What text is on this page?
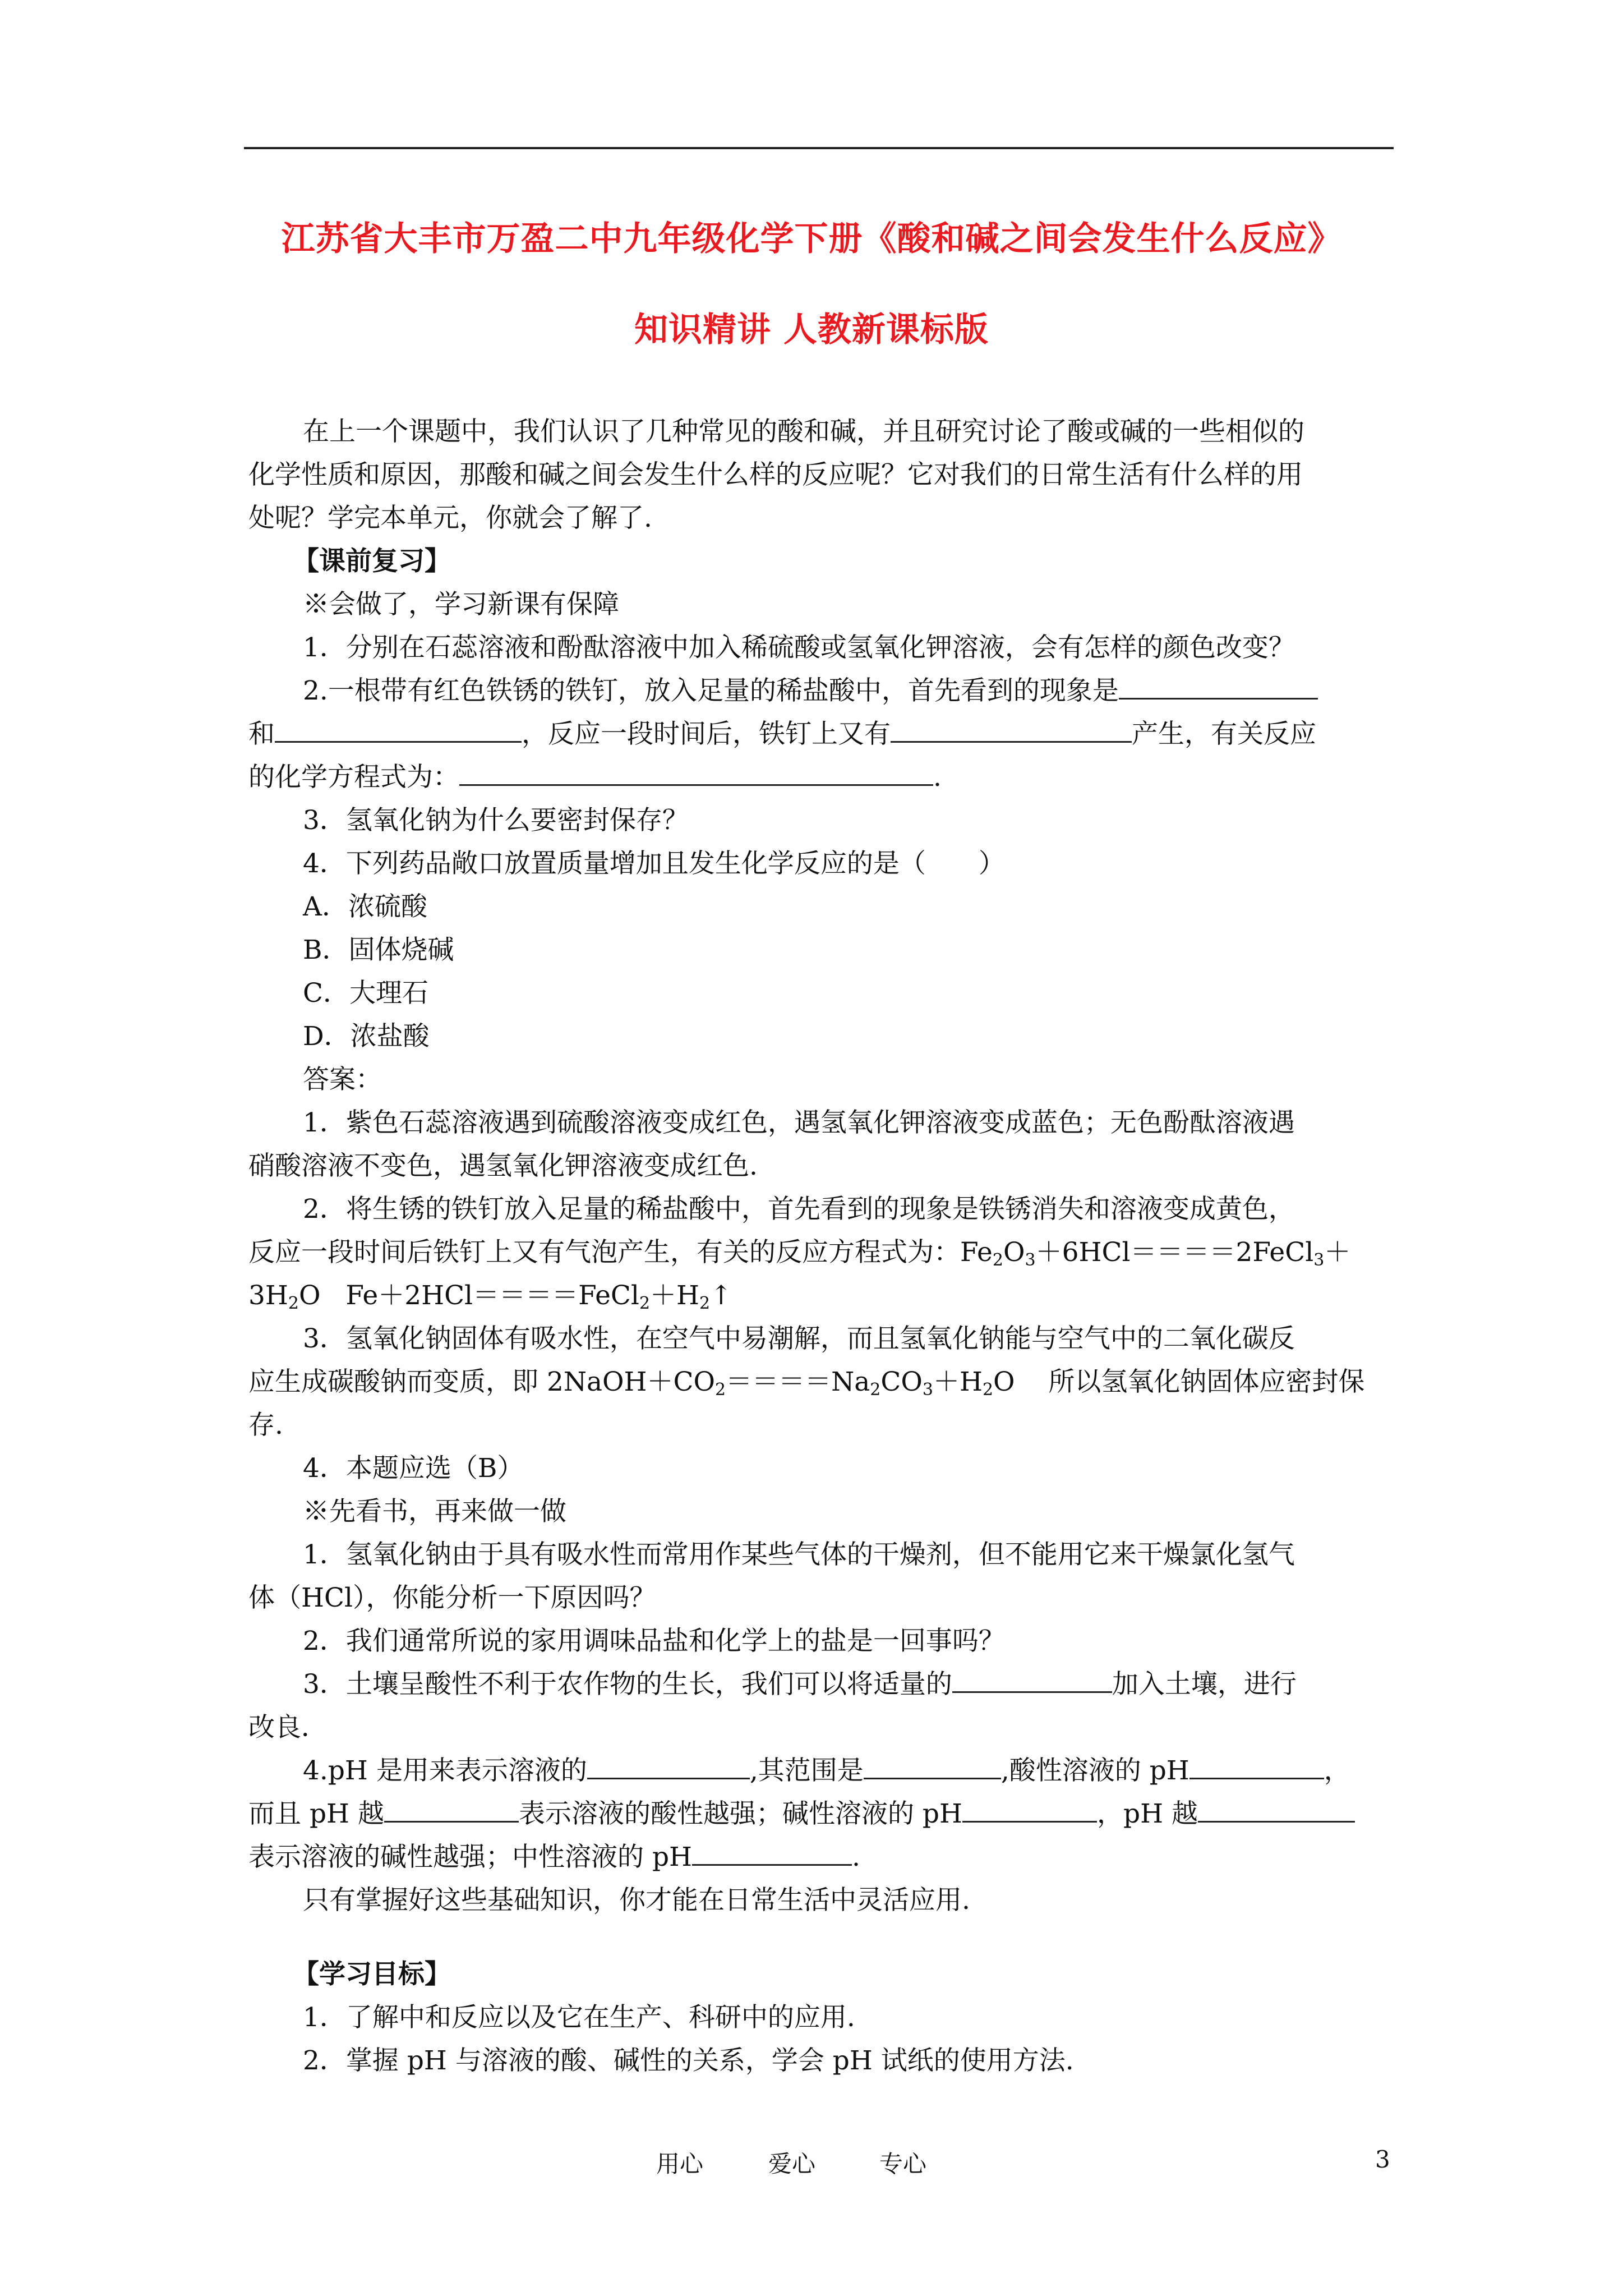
江苏省大丰市万盈二中九年级化学下册《酸和碱之间会发生什么反应》
知识精讲 人教新课标版
在上一个课题中，我们认识了几种常见的酸和碱，并且研究讨论了酸或碱的一些相似的
化学性质和原因，那酸和碱之间会发生什么样的反应呢？它对我们的日常生活有什么样的用
处呢？学完本单元，你就会了解了.
【课前复习】
※会做了，学习新课有保障
1．分别在石蕊溶液和酚酞溶液中加入稀硫酸或氢氧化钾溶液，会有怎样的颜色改变？
2.一根带有红色铁锈的铁钉，放入足量的稀盐酸中，首先看到的现象是
和	，反应一段时间后，铁钉上又有	产生，有关反应
的化学方程式为：	.
3．氢氧化钠为什么要密封保存？
4．下列药品敞口放置质量增加且发生化学反应的是（　　）
A．浓硫酸
B．固体烧碱
C．大理石
D．浓盐酸
答案：
1．紫色石蕊溶液遇到硫酸溶液变成红色，遇氢氧化钾溶液变成蓝色；无色酚酞溶液遇
硝酸溶液不变色，遇氢氧化钾溶液变成红色.
2．将生锈的铁钉放入足量的稀盐酸中，首先看到的现象是铁锈消失和溶液变成黄色，
反应一段时间后铁钉上又有气泡产生，有关的反应方程式为：$Fe_2O_3+6HCl====2FeCl_3+$
$3H_2O$   $Fe+2HCl====FeCl_2+H_2↑$
3．氢氧化钠固体有吸水性，在空气中易潮解，而且氢氧化钠能与空气中的二氧化碳反
应生成碳酸钠而变质，即 $2NaOH+CO_2====Na_2CO_3+H_2O$ 所以氢氧化钠固体应密封保
存.
4．本题应选（B）
※先看书，再来做一做
1．氢氧化钠由于具有吸水性而常用作某些气体的干燥剂，但不能用它来干燥氯化氢气
体（HCl），你能分析一下原因吗？
2．我们通常所说的家用调味品盐和化学上的盐是一回事吗？
3．土壤呈酸性不利于农作物的生长，我们可以将适量的	加入土壤，进行
改良．
4.pH 是用来表示溶液的	,其范围是	,酸性溶液的 pH	，
而且 pH 越	表示溶液的酸性越强；碱性溶液的 pH	，pH 越
表示溶液的碱性越强；中性溶液的 pH	.
只有掌握好这些基础知识，你才能在日常生活中灵活应用.
【学习目标】
1．了解中和反应以及它在生产、科研中的应用.
2．掌握 pH 与溶液的酸、碱性的关系，学会 pH 试纸的使用方法.
用心	爱心	专心	3
